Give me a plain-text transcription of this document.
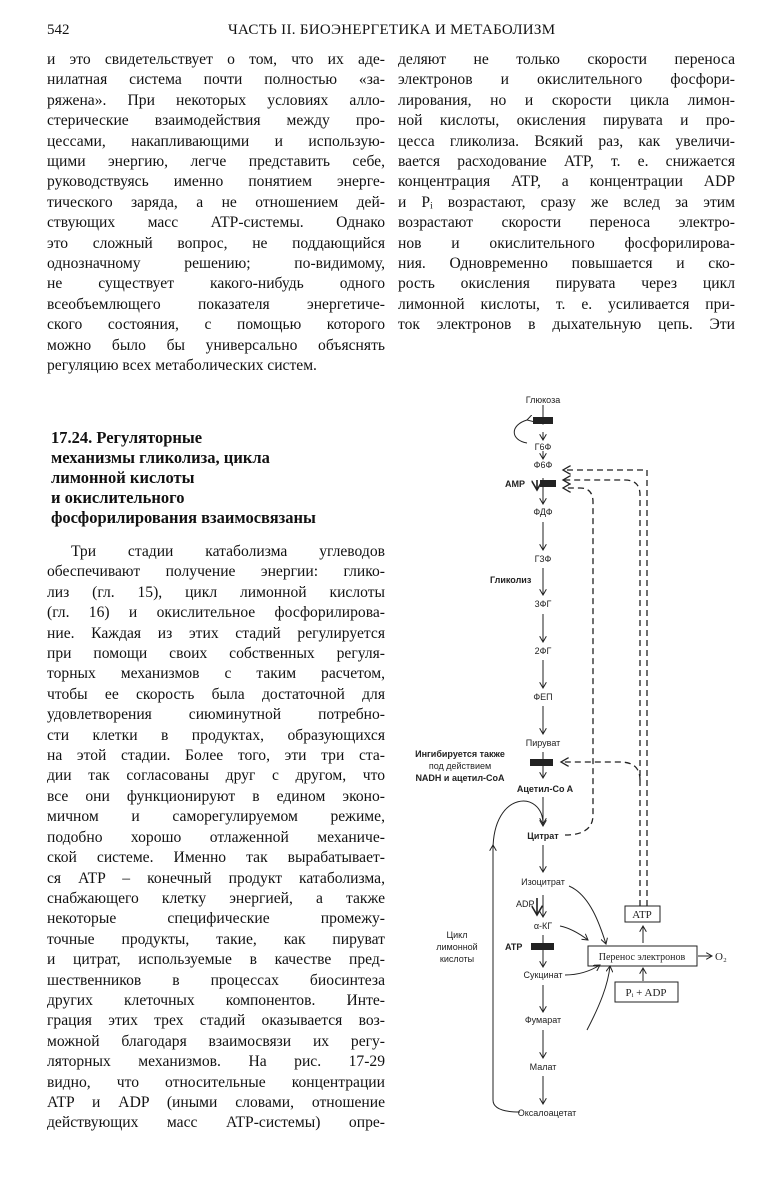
542	ЧАСТЬ II. БИОЭНЕРГЕТИКА И МЕТАБОЛИЗМ
и это свидетельствует о том, что их аде-
нилатная система почти полностью «за-
ряжена». При некоторых условиях алло-
стерические взаимодействия между про-
цессами, накапливающими и использую-
щими энергию, легче представить себе,
руководствуясь именно понятием энерге-
тического заряда, а не отношением дей-
ствующих масс ATP-системы. Однако
это сложный вопрос, не поддающийся
однозначному решению; по-видимому,
не существует какого-нибудь одного
всеобъемлющего показателя энергетиче-
ского состояния, с помощью которого
можно было бы универсально объяснять
регуляцию всех метаболических систем.
17.24. Регуляторные
механизмы гликолиза, цикла
лимонной кислоты
и окислительного
фосфорилирования взаимосвязаны
Три стадии катаболизма углеводов
обеспечивают получение энергии: глико-
лиз (гл. 15), цикл лимонной кислоты
(гл. 16) и окислительное фосфорилирова-
ние. Каждая из этих стадий регулируется
при помощи своих собственных регуля-
торных механизмов с таким расчетом,
чтобы ее скорость была достаточной для
удовлетворения сиюминутной потребно-
сти клетки в продуктах, образующихся
на этой стадии. Более того, эти три ста-
дии так согласованы друг с другом, что
все они функционируют в едином эконо-
мичном и саморегулируемом режиме,
подобно хорошо отлаженной механиче-
ской системе. Именно так вырабатывает-
ся ATP – конечный продукт катаболизма,
снабжающего клетку энергией, а также
некоторые специфические промежу-
точные продукты, такие, как пируват
и цитрат, используемые в качестве пред-
шественников в процессах биосинтеза
других клеточных компонентов. Инте-
грация этих трех стадий оказывается воз-
можной благодаря взаимосвязи их регу-
ляторных механизмов. На рис. 17-29
видно, что относительные концентрации
ATP и ADP (иными словами, отношение
действующих масс ATP-системы) опре-
деляют не только скорости переноса
электронов и окислительного фосфори-
лирования, но и скорости цикла лимон-
ной кислоты, окисления пирувата и про-
цесса гликолиза. Всякий раз, как увеличи-
вается расходование ATP, т. е. снижается
концентрация ATP, а концентрации ADP
и Pᵢ возрастают, сразу же вслед за этим
возрастают скорости переноса электро-
нов и окислительного фосфорилирова-
ния. Одновременно повышается и ско-
рость окисления пирувата через цикл
лимонной кислоты, т. е. усиливается при-
ток электронов в дыхательную цепь. Эти
Глюкоза
Г6Ф
Ф6Ф
AMP
ФДФ
Г3Ф
Гликолиз
3ФГ
2ФГ
ФЕП
Пируват
Ингибируется также
под действием
NADH и ацетил-CoA
Ацетил-Co A
Цитрат
Изоцитрат
ADP
α-КГ
ATP
Сукцинат
Фумарат
Малат
Оксалоацетат
Цикл
лимонной
кислоты
ATP
Перенос электронов	O₂
Pᵢ + ADP
